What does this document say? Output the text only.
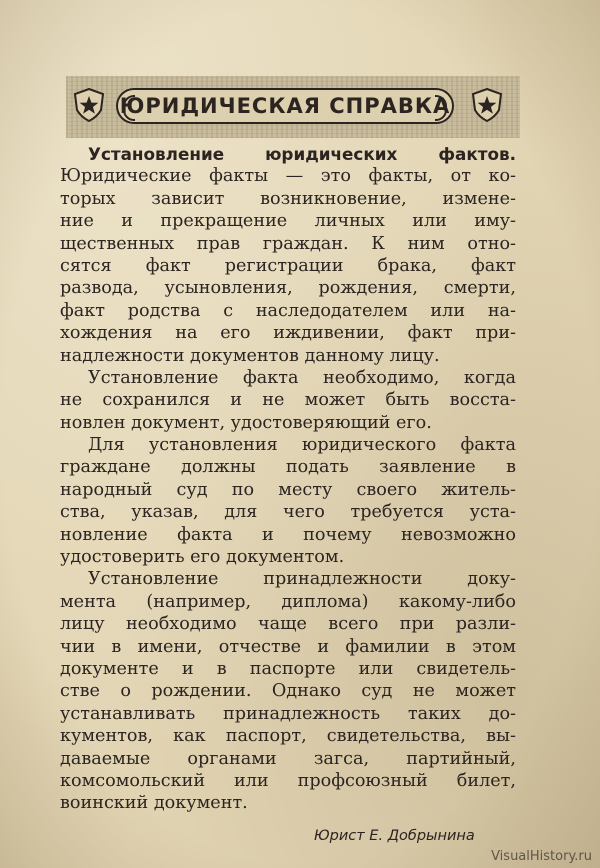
ЮРИДИЧЕСКАЯ СПРАВКА
Установление юридических фактов.
Юридические факты — это факты, от ко-
торых зависит возникновение, измене-
ние и прекращение личных или иму-
щественных прав граждан. К ним отно-
сятся факт регистрации брака, факт
развода, усыновления, рождения, смерти,
факт родства с наследодателем или на-
хождения на его иждивении, факт при-
надлежности документов данному лицу.
Установление факта необходимо, когда
не сохранился и не может быть восста-
новлен документ, удостоверяющий его.
Для установления юридического факта
граждане должны подать заявление в
народный суд по месту своего житель-
ства, указав, для чего требуется уста-
новление факта и почему невозможно
удостоверить его документом.
Установление принадлежности доку-
мента (например, диплома) какому-либо
лицу необходимо чаще всего при разли-
чии в имени, отчестве и фамилии в этом
документе и в паспорте или свидетель-
стве о рождении. Однако суд не может
устанавливать принадлежность таких до-
кументов, как паспорт, свидетельства, вы-
даваемые органами загса, партийный,
комсомольский или профсоюзный билет,
воинский документ.
Юрист Е. Добрынина
VisualHistory.ru
